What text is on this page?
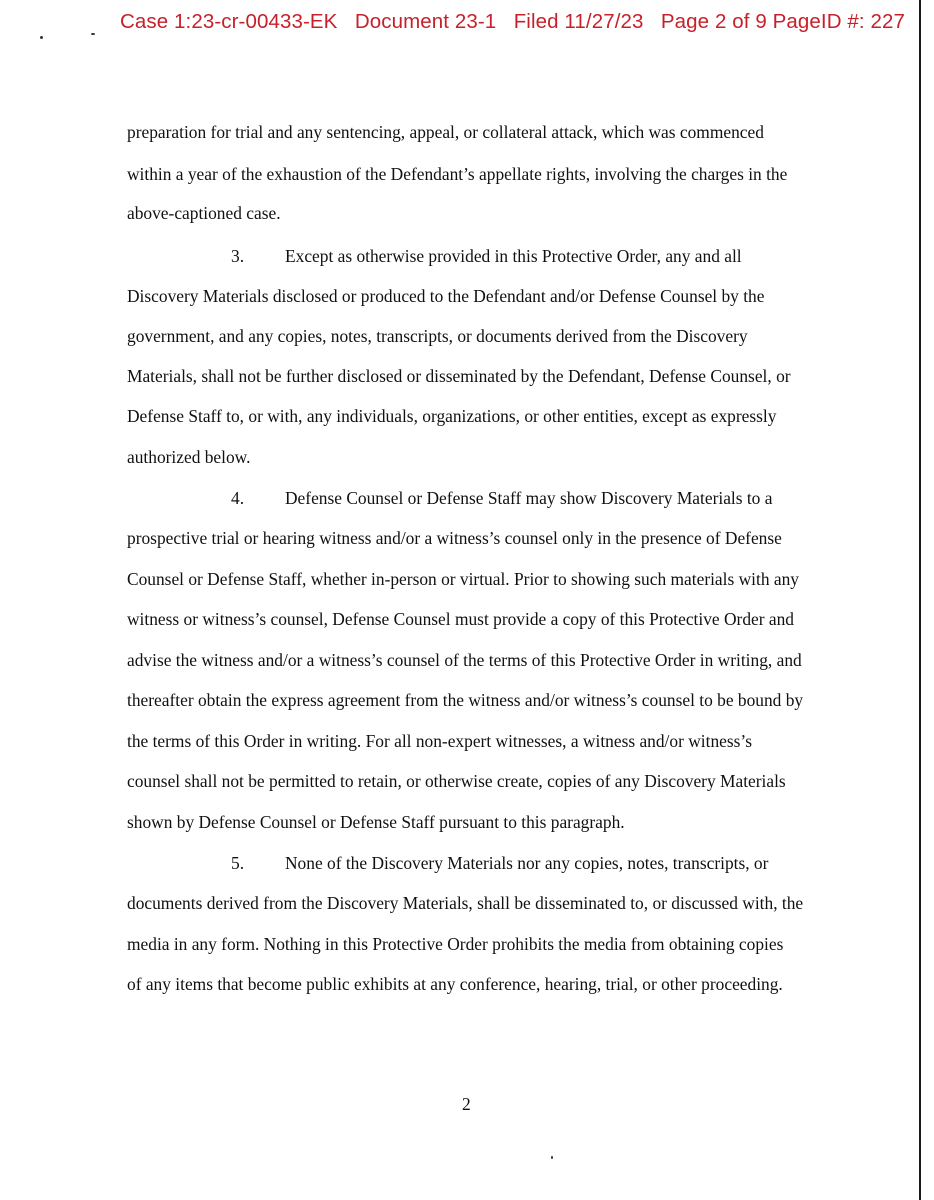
Case 1:23-cr-00433-EK   Document 23-1   Filed 11/27/23   Page 2 of 9 PageID #: 227
preparation for trial and any sentencing, appeal, or collateral attack, which was commenced
within a year of the exhaustion of the Defendant’s appellate rights, involving the charges in the
above-captioned case.
3. Except as otherwise provided in this Protective Order, any and all
Discovery Materials disclosed or produced to the Defendant and/or Defense Counsel by the
government, and any copies, notes, transcripts, or documents derived from the Discovery
Materials, shall not be further disclosed or disseminated by the Defendant, Defense Counsel, or
Defense Staff to, or with, any individuals, organizations, or other entities, except as expressly
authorized below.
4. Defense Counsel or Defense Staff may show Discovery Materials to a
prospective trial or hearing witness and/or a witness’s counsel only in the presence of Defense
Counsel or Defense Staff, whether in-person or virtual. Prior to showing such materials with any
witness or witness’s counsel, Defense Counsel must provide a copy of this Protective Order and
advise the witness and/or a witness’s counsel of the terms of this Protective Order in writing, and
thereafter obtain the express agreement from the witness and/or witness’s counsel to be bound by
the terms of this Order in writing. For all non-expert witnesses, a witness and/or witness’s
counsel shall not be permitted to retain, or otherwise create, copies of any Discovery Materials
shown by Defense Counsel or Defense Staff pursuant to this paragraph.
5. None of the Discovery Materials nor any copies, notes, transcripts, or
documents derived from the Discovery Materials, shall be disseminated to, or discussed with, the
media in any form. Nothing in this Protective Order prohibits the media from obtaining copies
of any items that become public exhibits at any conference, hearing, trial, or other proceeding.
2
